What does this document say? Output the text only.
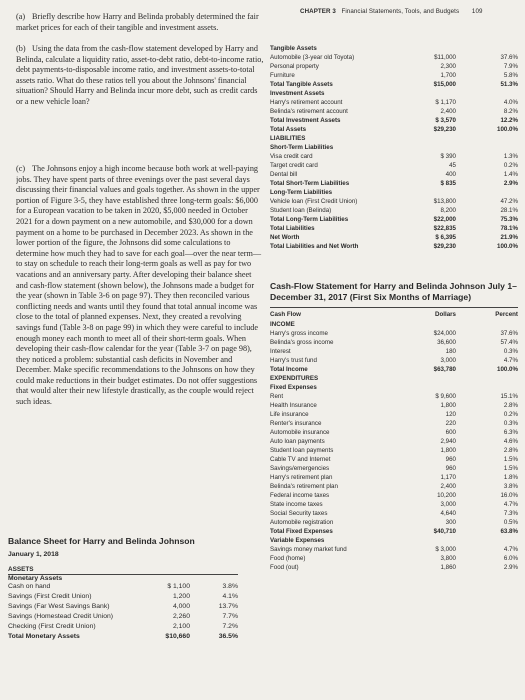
CHAPTER 3 Financial Statements, Tools, and Budgets 109

(a) Briefly describe how Harry and Belinda probably determined the fair market prices for each of their tangible and investment assets.

(b) Using the data from the cash-flow statement developed by Harry and Belinda, calculate a liquidity ratio, asset-to-debt ratio, debt-to-income ratio, debt payments-to-disposable income ratio, and investment assets-to-total assets ratio. What do these ratios tell you about the Johnsons' financial situation? Should Harry and Belinda incur more debt, such as credit cards or a new vehicle loan?

(c) The Johnsons enjoy a high income because both work at well-paying jobs. They have spent parts of three evenings over the past several days discussing their financial values and goals together. As shown in the upper portion of Figure 3-5, they have established three long-term goals: $6,000 for a European vacation to be taken in 2020, $5,000 needed in October 2021 for a down payment on a new automobile, and $30,000 for a down payment on a home to be purchased in December 2023. As shown in the lower portion of the figure, the Johnsons did some calculations to determine how much they had to save for each goal—over the near term—to stay on schedule to reach their long-term goals as well as pay for two vacations and an anniversary party. After developing their balance sheet and cash-flow statement (shown below), the Johnsons made a budget for the year (shown in Table 3-6 on page 97). They then reconciled various conflicting needs and wants until they found that total annual income was close to the total of planned expenses. Next, they created a revolving savings fund (Table 3-8 on page 99) in which they were careful to include enough money each month to meet all of their short-term goals. When developing their cash-flow calendar for the year (Table 3-7 on page 98), they noticed a problem: substantial cash deficits in November and December. Make specific recommendations to the Johnsons on how they could make reductions in their budget estimates. Do not offer suggestions that would alter their new lifestyle drastically, as the couple would reject such ideas.

Tangible Assets
Automobile (3-year old Toyota)	$11,000	37.6%
Personal property	2,300	7.9%
Furniture	1,700	5.8%
Total Tangible Assets	$15,000	51.3%
Investment Assets
Harry's retirement account	$ 1,170	4.0%
Belinda's retirement account	2,400	8.2%
Total Investment Assets	$ 3,570	12.2%
Total Assets	$29,230	100.0%
LIABILITIES
Short-Term Liabilities
Visa credit card	$ 390	1.3%
Target credit card	45	0.2%
Dental bill	400	1.4%
Total Short-Term Liabilities	$ 835	2.9%
Long-Term Liabilities
Vehicle loan (First Credit Union)	$13,800	47.2%
Student loan (Belinda)	8,200	28.1%
Total Long-Term Liabilities	$22,000	75.3%
Total Liabilities	$22,835	78.1%
Net Worth	$ 6,395	21.9%
Total Liabilities and Net Worth	$29,230	100.0%
Cash-Flow Statement for Harry and Belinda Johnson July 1–December 31, 2017 (First Six Months of Marriage)
Cash Flow	Dollars	Percent
INCOME
Harry's gross income	$24,000	37.6%
Belinda's gross income	36,600	57.4%
Interest	180	0.3%
Harry's trust fund	3,000	4.7%
Total Income	$63,780	100.0%
EXPENDITURES
Fixed Expenses
Rent	$ 9,600	15.1%
Health Insurance	1,800	2.8%
Life insurance	120	0.2%
Renter's insurance	220	0.3%
Automobile insurance	600	6.3%
Auto loan payments	2,940	4.6%
Student loan payments	1,800	2.8%
Cable TV and Internet	960	1.5%
Savings/emergencies	960	1.5%
Harry's retirement plan	1,170	1.8%
Belinda's retirement plan	2,400	3.8%
Federal income taxes	10,200	16.0%
State income taxes	3,000	4.7%
Social Security taxes	4,640	7.3%
Automobile registration	300	0.5%
Total Fixed Expenses	$40,710	63.8%
Variable Expenses
Savings money market fund	$ 3,000	4.7%
Food (home)	3,800	6.0%
Food (out)	1,860	2.9%
Balance Sheet for Harry and Belinda Johnson
January 1, 2018
ASSETS
Monetary Assets
Cash on hand	$ 1,100	3.8%
Savings (First Credit Union)	1,200	4.1%
Savings (Far West Savings Bank)	4,000	13.7%
Savings (Homestead Credit Union)	2,260	7.7%
Checking (First Credit Union)	2,100	7.2%
Total Monetary Assets	$10,660	36.5%
